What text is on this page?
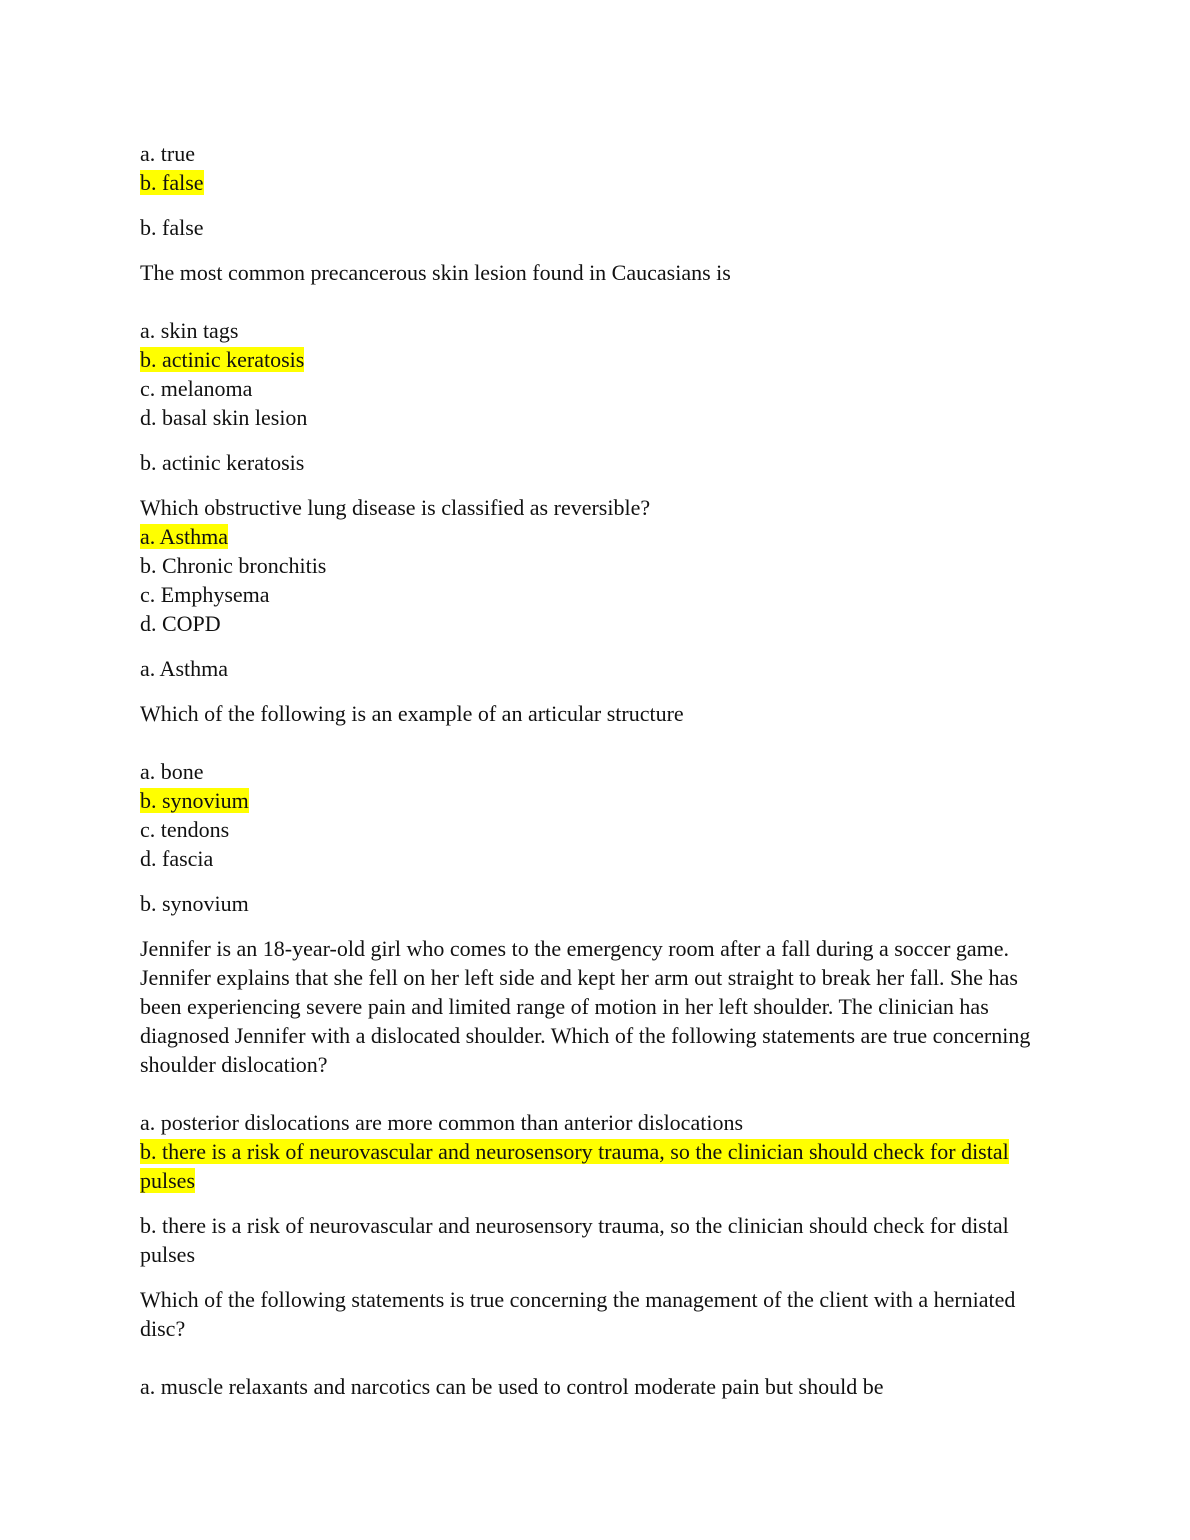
a. true
b. false
b. false
The most common precancerous skin lesion found in Caucasians is
a. skin tags
b. actinic keratosis
c. melanoma
d. basal skin lesion
b. actinic keratosis
Which obstructive lung disease is classified as reversible?
a. Asthma
b. Chronic bronchitis
c. Emphysema
d. COPD
a. Asthma
Which of the following is an example of an articular structure
a. bone
b. synovium
c. tendons
d. fascia
b. synovium
Jennifer is an 18-year-old girl who comes to the emergency room after a fall during a soccer game. Jennifer explains that she fell on her left side and kept her arm out straight to break her fall. She has been experiencing severe pain and limited range of motion in her left shoulder. The clinician has diagnosed Jennifer with a dislocated shoulder. Which of the following statements are true concerning shoulder dislocation?
a. posterior dislocations are more common than anterior dislocations
b. there is a risk of neurovascular and neurosensory trauma, so the clinician should check for distal pulses
b. there is a risk of neurovascular and neurosensory trauma, so the clinician should check for distal pulses
Which of the following statements is true concerning the management of the client with a herniated disc?
a. muscle relaxants and narcotics can be used to control moderate pain but should be
